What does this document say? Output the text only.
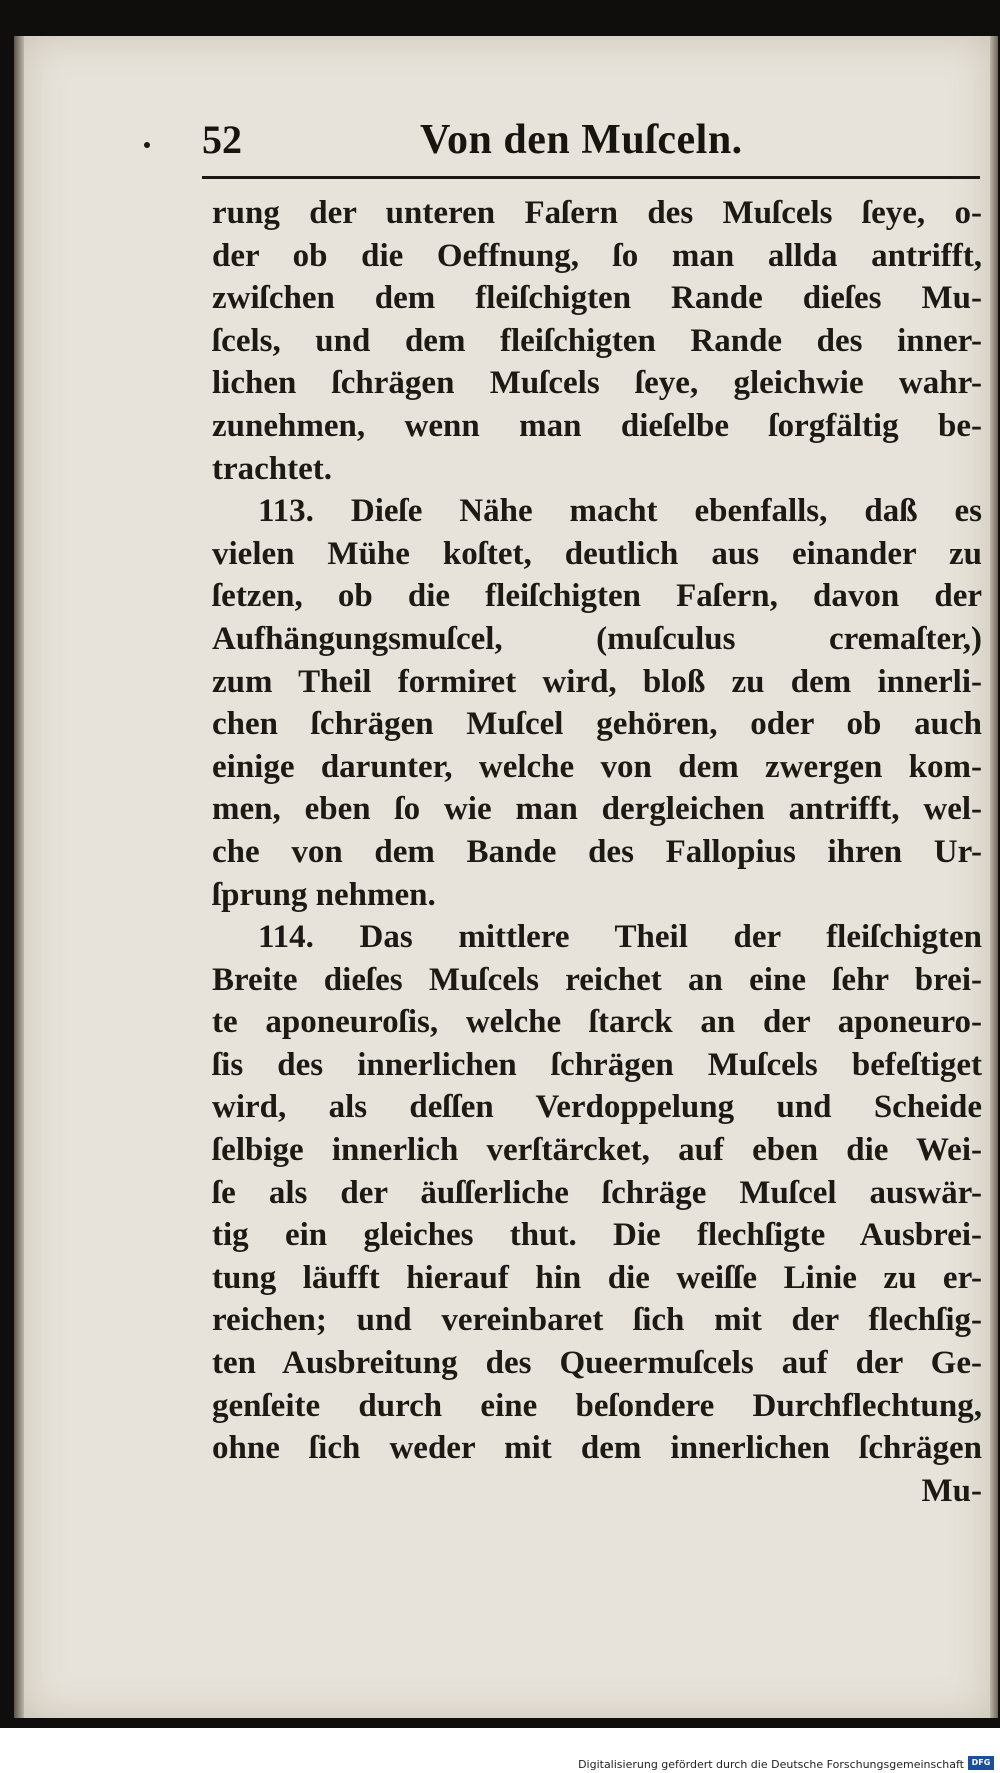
52	Von den Muſceln.
rung der unteren Faſern des Muſcels ſeye, o-
der ob die Oeffnung, ſo man allda antrifft,
zwiſchen dem fleiſchigten Rande dieſes Mu-
ſcels, und dem fleiſchigten Rande des inner-
lichen ſchrägen Muſcels ſeye, gleichwie wahr-
zunehmen, wenn man dieſelbe ſorgfältig be-
trachtet.
113. Dieſe Nähe macht ebenfalls, daß es
vielen Mühe koſtet, deutlich aus einander zu
ſetzen, ob die fleiſchigten Faſern, davon der
Aufhängungsmuſcel, (muſculus cremaſter,)
zum Theil formiret wird, bloß zu dem innerli-
chen ſchrägen Muſcel gehören, oder ob auch
einige darunter, welche von dem zwergen kom-
men, eben ſo wie man dergleichen antrifft, wel-
che von dem Bande des Fallopius ihren Ur-
ſprung nehmen.
114. Das mittlere Theil der fleiſchigten
Breite dieſes Muſcels reichet an eine ſehr brei-
te aponeuroſis, welche ſtarck an der aponeuro-
ſis des innerlichen ſchrägen Muſcels befeſtiget
wird, als deſſen Verdoppelung und Scheide
ſelbige innerlich verſtärcket, auf eben die Wei-
ſe als der äuſſerliche ſchräge Muſcel auswär-
tig ein gleiches thut. Die flechſigte Ausbrei-
tung läufft hierauf hin die weiſſe Linie zu er-
reichen; und vereinbaret ſich mit der flechſig-
ten Ausbreitung des Queermuſcels auf der Ge-
genſeite durch eine beſondere Durchflechtung,
ohne ſich weder mit dem innerlichen ſchrägen
Mu-
Digitalisierung gefördert durch die Deutsche Forschungsgemeinschaft DFG
